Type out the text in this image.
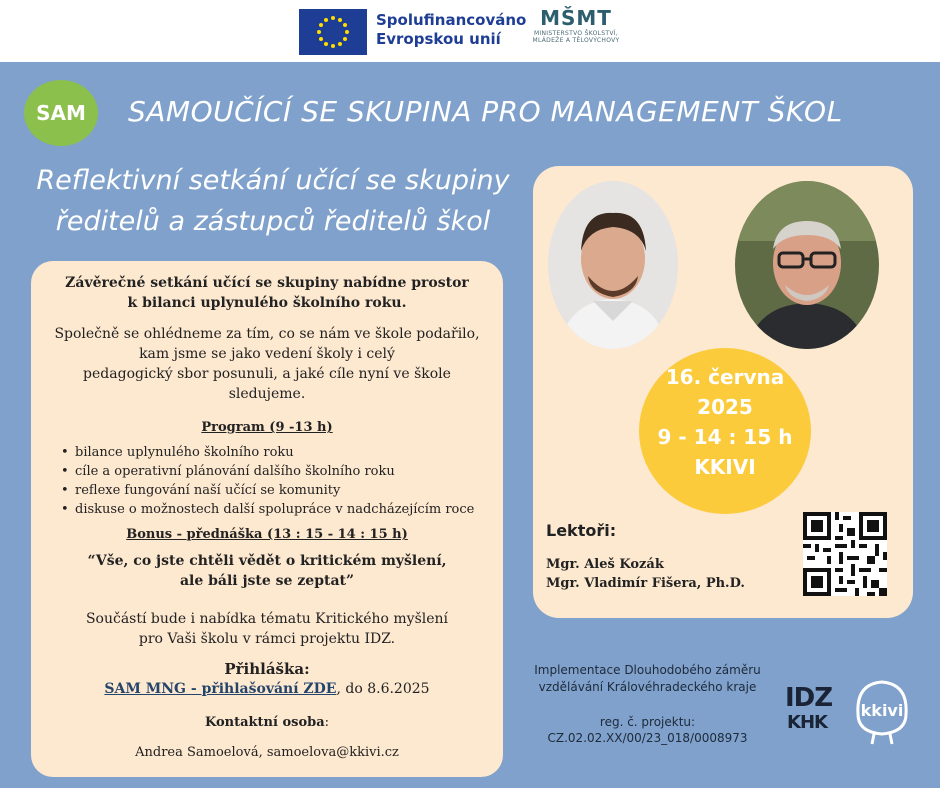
Spolufinancováno
Evropskou unií
MŠMT
MINISTERSTVO ŠKOLSTVÍ,
MLÁDEŽE A TĚLOVÝCHOVY
SAM	SAMOUČÍCÍ SE SKUPINA PRO MANAGEMENT ŠKOL
Reflektivní setkání učící se skupiny
ředitelů a zástupců ředitelů škol
Závěrečné setkání učící se skupiny nabídne prostor
k bilanci uplynulého školního roku.
Společně se ohlédneme za tím, co se nám ve škole podařilo,
kam jsme se jako vedení školy i celý
pedagogický sbor posunuli, a jaké cíle nyní ve škole
sledujeme.
Program (9 -13 h)
• bilance uplynulého školního roku
• cíle a operativní plánování dalšího školního roku
• reflexe fungování naší učící se komunity
• diskuse o možnostech další spolupráce v nadcházejícím roce
Bonus - přednáška (13 : 15 - 14 : 15 h)
“Vše, co jste chtěli vědět o kritickém myšlení,
ale báli jste se zeptat”
Součástí bude i nabídka tématu Kritického myšlení
pro Vaši školu v rámci projektu IDZ.
Přihláška:
SAM MNG - přihlašování ZDE, do 8.6.2025
Kontaktní osoba:
Andrea Samoelová, samoelova@kkivi.cz
16. června
2025
9 - 14 : 15 h
KKIVI
Lektoři:
Mgr. Aleš Kozák
Mgr. Vladimír Fišera, Ph.D.
Implementace Dlouhodobého záměru
vzdělávání Královéhradeckého kraje
reg. č. projektu:
CZ.02.02.XX/00/23_018/0008973
IDZ
KHK
kkivi
